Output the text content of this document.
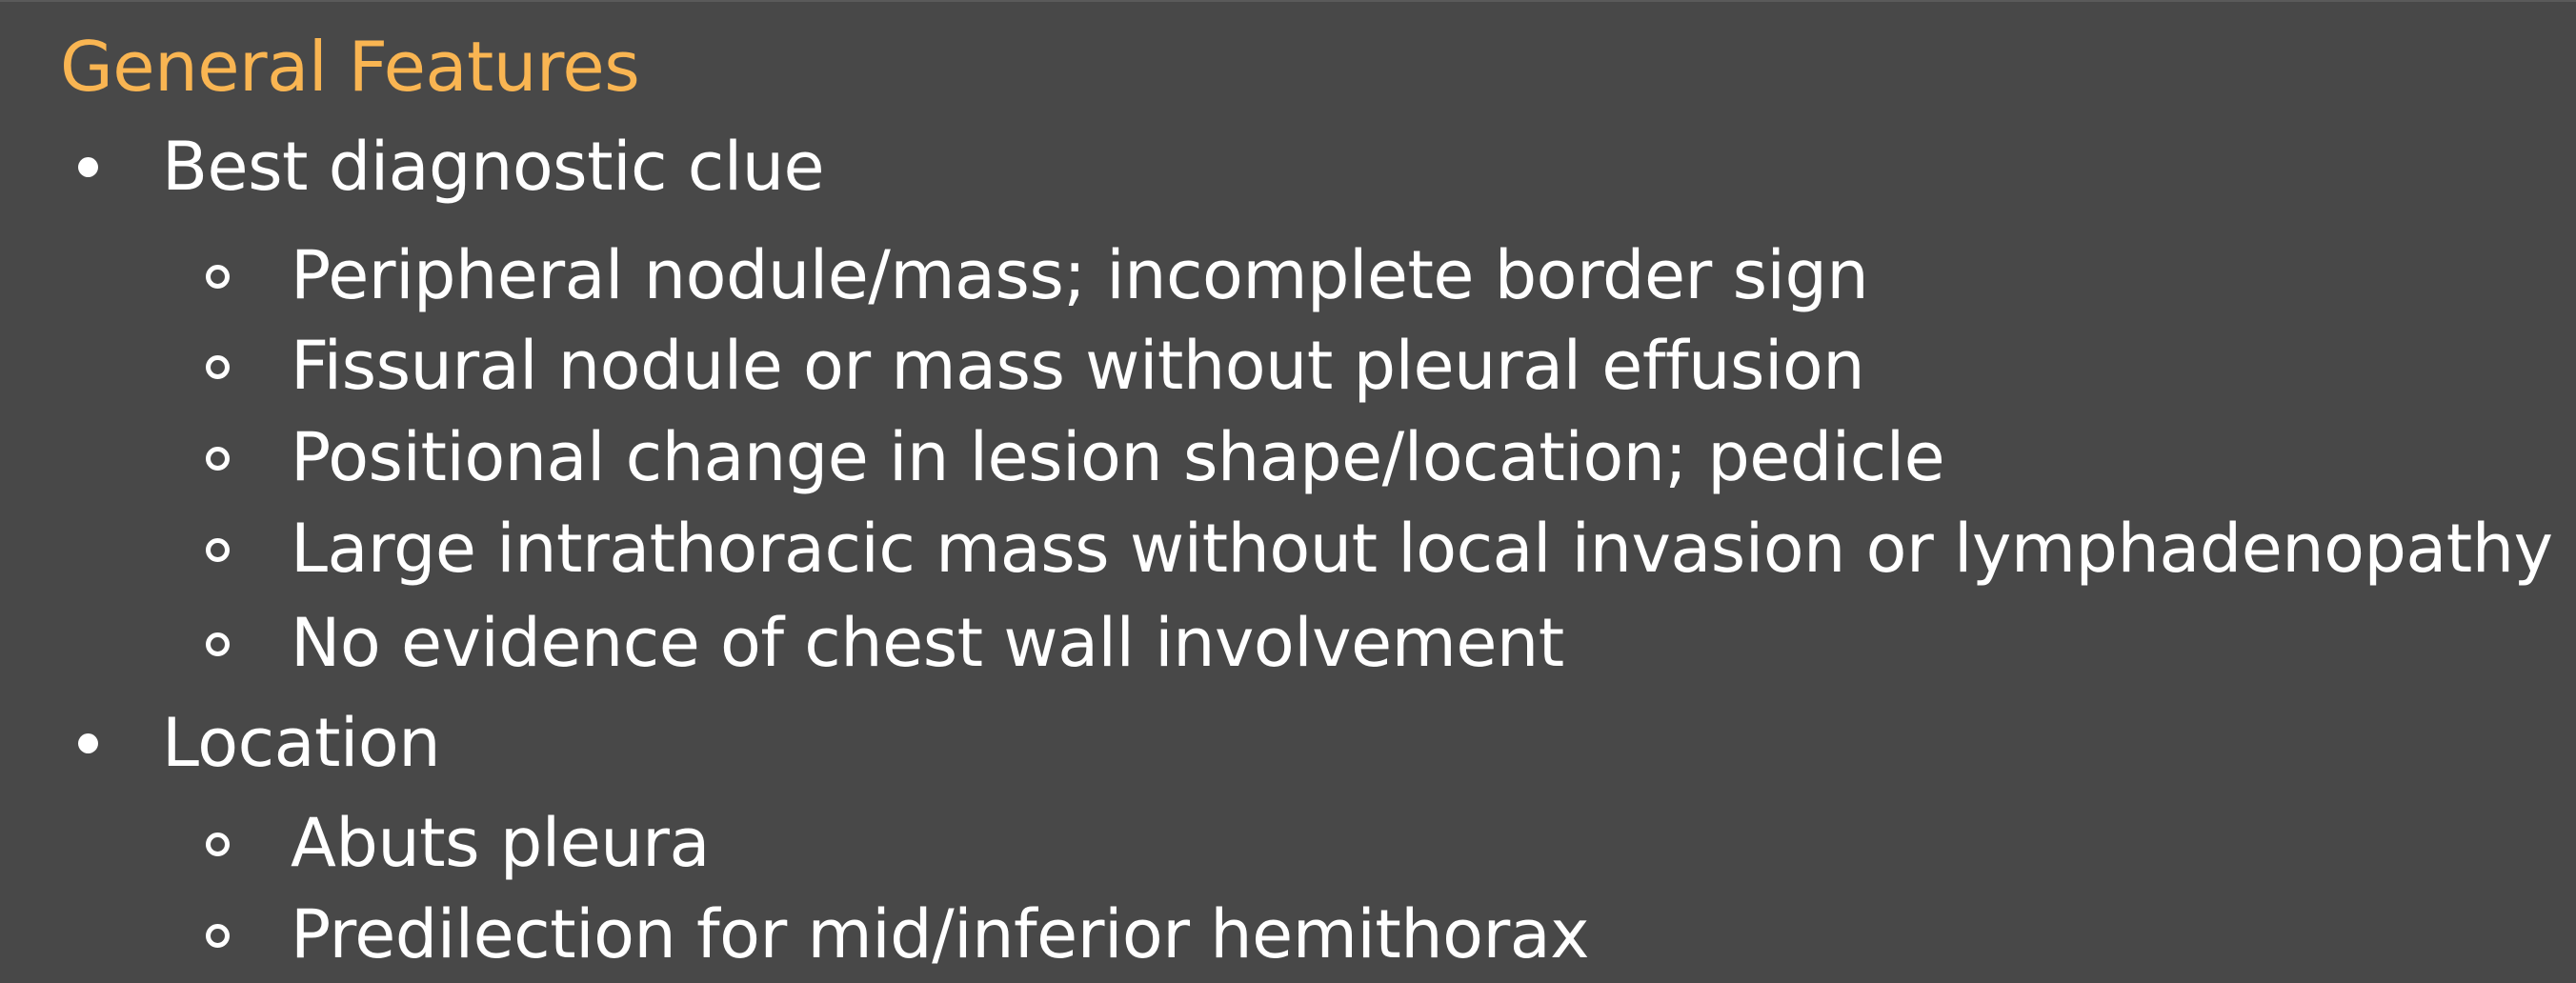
General Features
Best diagnostic clue
Peripheral nodule/mass; incomplete border sign
Fissural nodule or mass without pleural effusion
Positional change in lesion shape/location; pedicle
Large intrathoracic mass without local invasion or lymphadenopathy
No evidence of chest wall involvement
Location
Abuts pleura
Predilection for mid/inferior hemithorax
